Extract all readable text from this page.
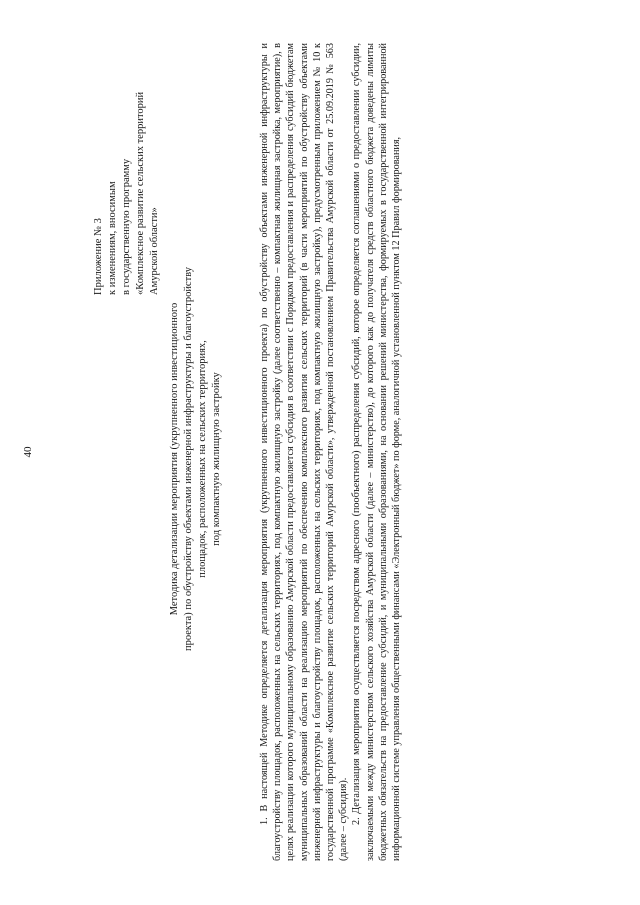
40
Приложение № 3 к изменениям, вносимым в государственную программу «Комплексное развитие сельских территорий Амурской области»
Методика детализации мероприятия (укрупненного инвестиционного проекта) по обустройству объектами инженерной инфраструктуры и благоустройству площадок, расположенных на сельских территориях, под компактную жилищную застройку	1. В настоящей Методике определяется детализация мероприятия (укрупненного инвестиционного проекта) по обустройству объектами инженерной инфраструктуры и благоустройству площадок, расположенных на сельских территориях, под компактную жилищную застройку (далее соответственно – компактная жилищная застройка, мероприятие), в целях реализации которого муниципальному образованию Амурской области предоставляется субсидия в соответствии с Порядком предоставления и распределения субсидий бюджетам муниципальных образований области на реализацию мероприятий по обеспечению комплексного развития сельских территорий (в части мероприятий по обустройству объектами инженерной инфраструктуры и благоустройству площадок, расположенных на сельских территориях, под компактную жилищную застройку), предусмотренным приложением № 10 к государственной программе «Комплексное развитие сельских территорий Амурской области», утвержденной постановлением Правительства Амурской области от 25.09.2019 № 563 (далее – субсидия). 2. Детализация мероприятия осуществляется посредством адресного (пообъектного) распределения субсидий, которое определяется соглашениями о предоставлении субсидии, заключаемыми между министерством сельского хозяйства Амурской области (далее – министерство), до которого как до получателя средств областного бюджета доведены лимиты бюджетных обязательств на предоставление субсидий, и муниципальными образованиями, на основании решений министерства, формируемых в государственной интегрированной информационной системе управления общественными финансами «Электронный бюджет» по форме, аналогичной установленной пунктом 12 Правил формирования,
